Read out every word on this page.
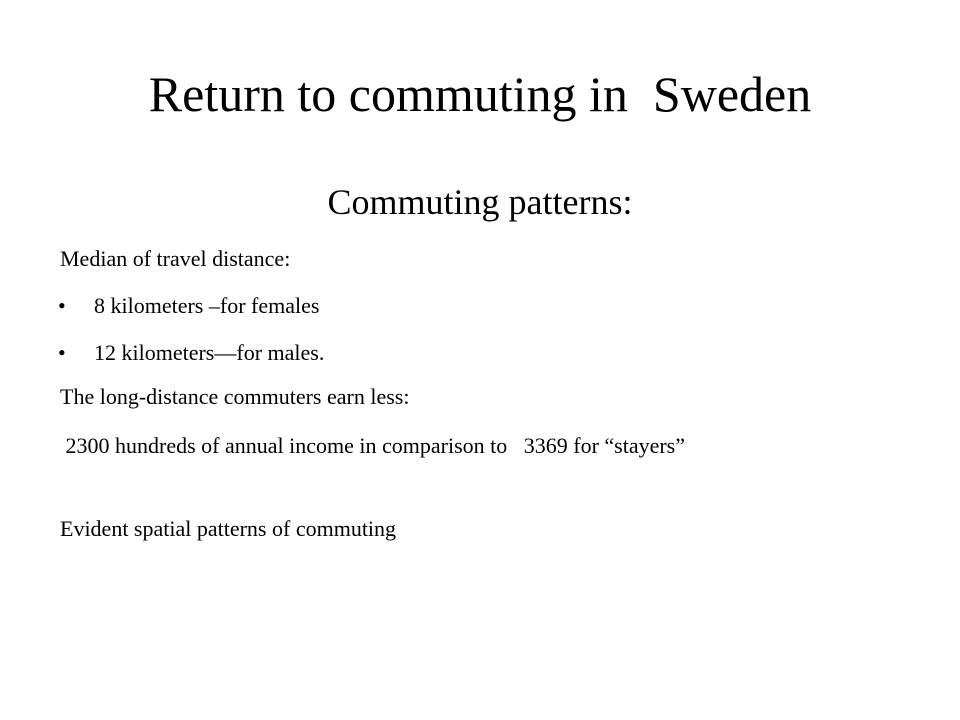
Return to commuting in  Sweden
Commuting patterns:
Median of travel distance:
•	8 kilometers –for females
•	12 kilometers—for males.
The long-distance commuters earn less:
2300 hundreds of annual income in comparison to   3369 for “stayers”
Evident spatial patterns of commuting
